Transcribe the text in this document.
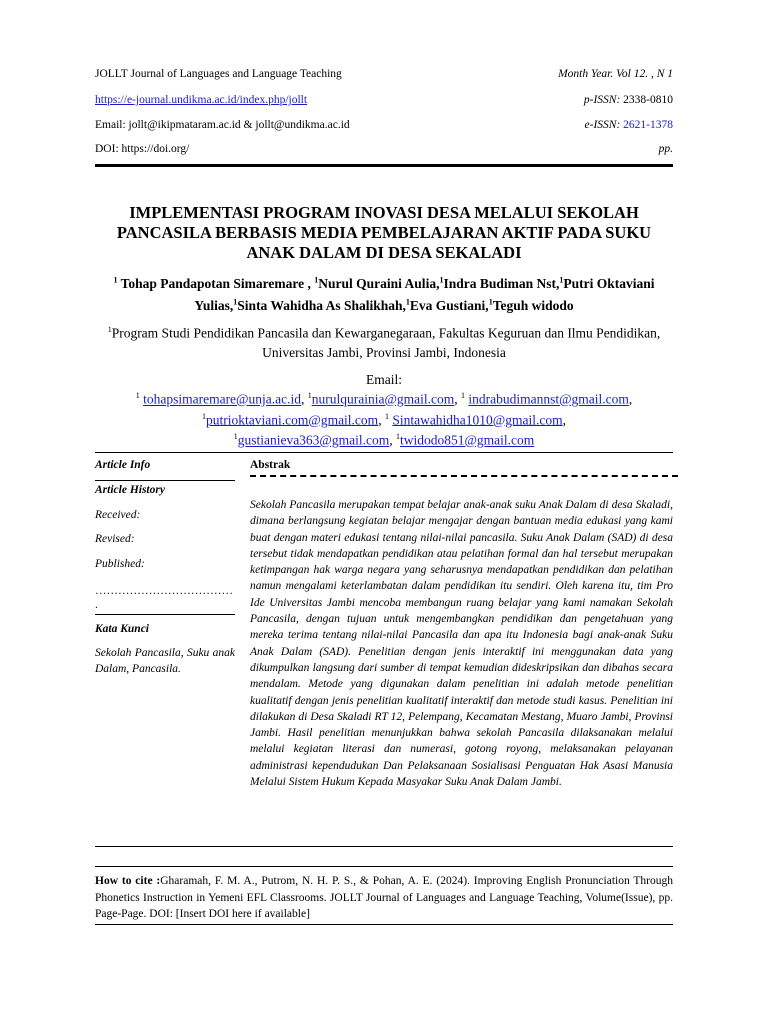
JOLLT Journal of Languages and Language Teaching	Month Year. Vol 12. , N 1
https://e-journal.undikma.ac.id/index.php/jollt	p-ISSN: 2338-0810
Email: jollt@ikipmataram.ac.id & jollt@undikma.ac.id	e-ISSN: 2621-1378
DOI: https://doi.org/	pp.
IMPLEMENTASI PROGRAM INOVASI DESA MELALUI SEKOLAH PANCASILA BERBASIS MEDIA PEMBELAJARAN AKTIF PADA SUKU ANAK DALAM DI DESA SEKALADI
$^1$ Tohap Pandapotan Simaremare , $^1$Nurul Quraini Aulia,$^1$Indra Budiman Nst,$^1$Putri Oktaviani Yulias,$^1$Sinta Wahidha As Shalikhah,$^1$Eva Gustiani,$^1$Teguh widodo
$^1$Program Studi Pendidikan Pancasila dan Kewarganegaraan, Fakultas Keguruan dan Ilmu Pendidikan, Universitas Jambi, Provinsi Jambi, Indonesia
Email:
$^1$ tohapsimaremare@unja.ac.id, $^1$nurulqurainia@gmail.com, $^1$ indrabudimannst@gmail.com,
$^1$putrioktaviani.com@gmail.com, $^1$ Sintawahidha1010@gmail.com,
$^1$gustianieva363@gmail.com, $^1$twidodo851@gmail.com
Article Info	Abstrak
Article History
Received:
Revised:
Published:
………………………………
.
Kata Kunci
Sekolah Pancasila, Suku anak Dalam, Pancasila.
Sekolah Pancasila merupakan tempat belajar anak-anak suku Anak Dalam di desa Skaladi, dimana berlangsung kegiatan belajar mengajar dengan bantuan media edukasi yang kami buat dengan materi edukasi tentang nilai-nilai pancasila. Suku Anak Dalam (SAD) di desa tersebut tidak mendapatkan pendidikan atau pelatihan formal dan hal tersebut merupakan ketimpangan hak warga negara yang seharusnya mendapatkan pendidikan dan pelatihan namun mengalami keterlambatan dalam pendidikan itu sendiri. Oleh karena itu, tim Pro Ide Universitas Jambi mencoba membangun ruang belajar yang kami namakan Sekolah Pancasila, dengan tujuan untuk mengembangkan pendidikan dan pengetahuan yang mereka terima tentang nilai-nilai Pancasila dan apa itu Indonesia bagi anak-anak Suku Anak Dalam (SAD). Penelitian dengan jenis interaktif ini menggunakan data yang dikumpulkan langsung dari sumber di tempat kemudian dideskripsikan dan dibahas secara mendalam. Metode yang digunakan dalam penelitian ini adalah metode penelitian kualitatif dengan jenis penelitian kualitatif interaktif dan metode studi kasus. Penelitian ini dilakukan di Desa Skaladi RT 12, Pelempang, Kecamatan Mestang, Muaro Jambi, Provinsi Jambi. Hasil penelitian menunjukkan bahwa sekolah Pancasila dilaksanakan melalui melalui kegiatan literasi dan numerasi, gotong royong, melaksanakan pelayanan administrasi kependudukan Dan Pelaksanaan Sosialisasi Penguatan Hak Asasi Manusia Melalui Sistem Hukum Kepada Masyakar Suku Anak Dalam Jambi.
How to cite :Gharamah, F. M. A., Putrom, N. H. P. S., & Pohan, A. E. (2024). Improving English Pronunciation Through Phonetics Instruction in Yemeni EFL Classrooms. JOLLT Journal of Languages and Language Teaching, Volume(Issue), pp. Page-Page. DOI: [Insert DOI here if available]
